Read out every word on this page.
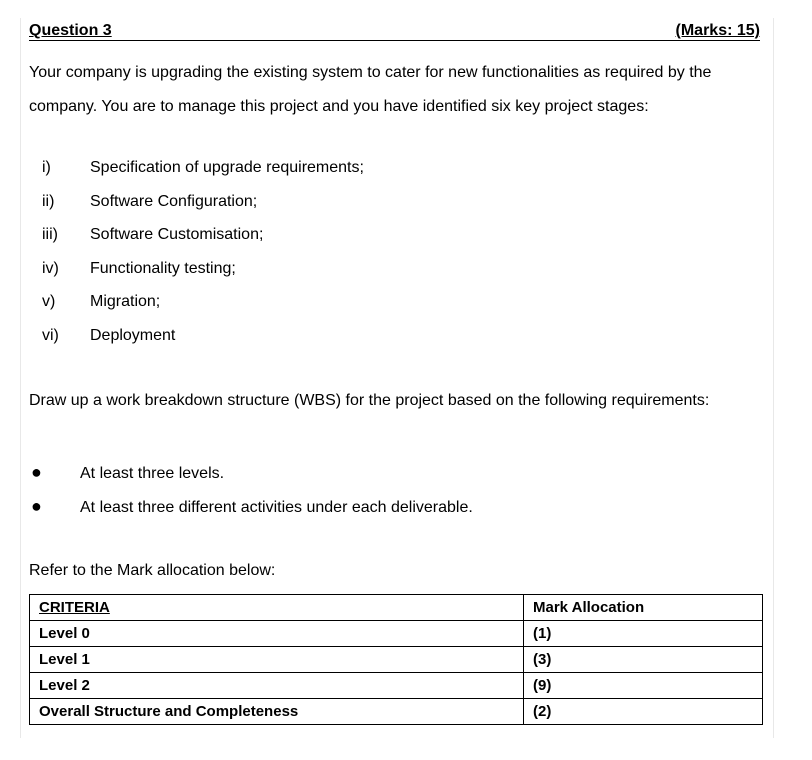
Question 3	(Marks: 15)
Your company is upgrading the existing system to cater for new functionalities as required by the company. You are to manage this project and you have identified six key project stages:
i) Specification of upgrade requirements;
ii) Software Configuration;
iii) Software Customisation;
iv) Functionality testing;
v) Migration;
vi) Deployment
Draw up a work breakdown structure (WBS) for the project based on the following requirements:
● At least three levels.
● At least three different activities under each deliverable.
Refer to the Mark allocation below:
CRITERIA	Mark Allocation
Level 0	(1)
Level 1	(3)
Level 2	(9)
Overall Structure and Completeness	(2)
